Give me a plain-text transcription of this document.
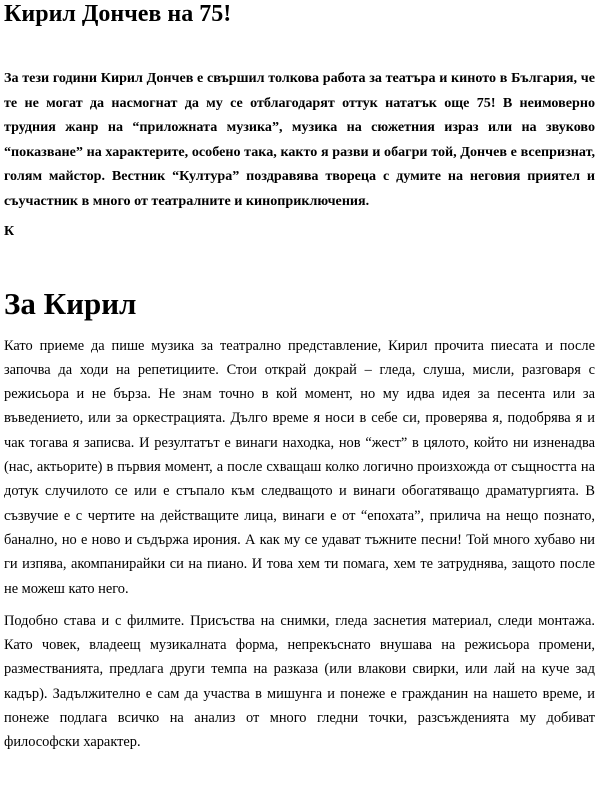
Кирил Дончев на 75!

За тези години Кирил Дончев е свършил толкова работа за театъра и киното в България, че те не могат да насмогнат да му се отблагодарят оттук нататък още 75! В неимоверно трудния жанр на “приложната музика”, музика на сюжетния израз или на звуково “показване” на характерите, особено така, както я разви и обагри той, Дончев е всепризнат, голям майстор. Вестник “Култура” поздравява твореца с думите на неговия приятел и съучастник в много от театралните и киноприключения.

К

За Кирил

Като приеме да пише музика за театрално представление, Кирил прочита пиесата и после започва да ходи на репетициите. Стои открай докрай – гледа, слуша, мисли, разговаря с режисьора и не бърза. Не знам точно в кой момент, но му идва идея за песента или за въведението, или за оркестрацията. Дълго време я носи в себе си, проверява я, подобрява я и чак тогава я записва. И резултатът е винаги находка, нов “жест” в цялото, който ни изненадва (нас, актьорите) в първия момент, а после схващаш колко логично произхожда от същността на дотук случилото се или е стъпало към следващото и винаги обогатяващо драматургията. В съзвучие е с чертите на действащите лица, винаги е от “епохата”, прилича на нещо познато, банално, но е ново и съдържа ирония. А как му се удават тъжните песни! Той много хубаво ни ги изпява, акомпанирайки си на пиано. И това хем ти помага, хем те затруднява, защото после не можеш като него.

Подобно става и с филмите. Присъства на снимки, гледа заснетия материал, следи монтажа. Като човек, владеещ музикалната форма, непрекъснато внушава на режисьора промени, разместванията, предлага други темпа на разказа (или влакови свирки, или лай на куче зад кадър). Задължително е сам да участва в мишунга и понеже е гражданин на нашето време, и понеже подлага всичко на анализ от много гледни точки, разсъжденията му добиват философски характер.
